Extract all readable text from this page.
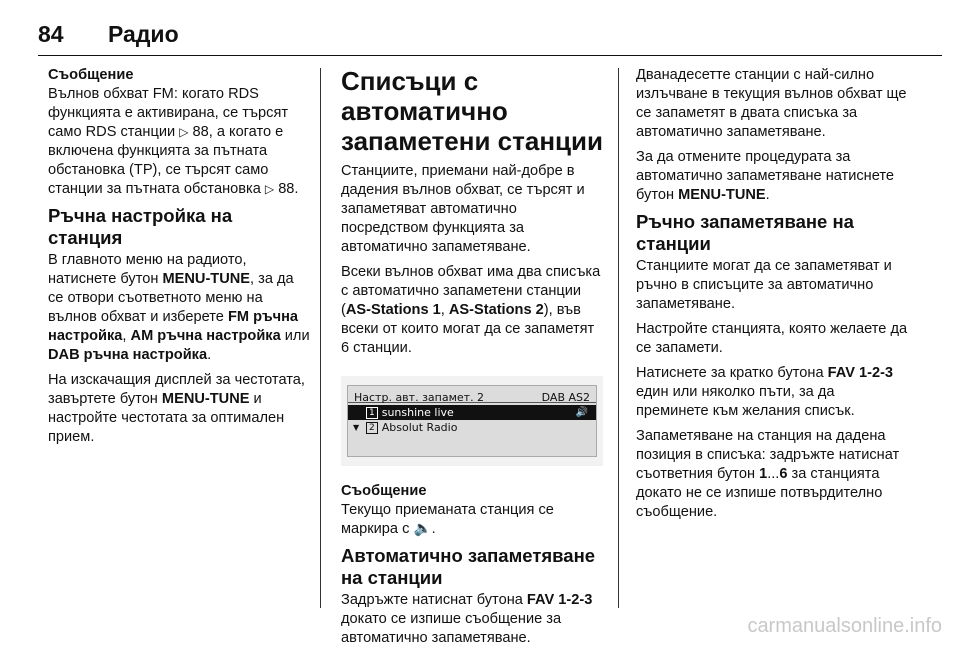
84	Радио
Съобщение

Вълнов обхват FM: когато RDS функцията е активирана, се търсят само RDS станции ▷ 88, а когато е включена функцията за пътната обстановка (TP), се търсят само станции за пътната обстановка ▷ 88.

Ръчна настройка на станция

В главното меню на радиото, натиснете бутон MENU-TUNE, за да се отвори съответното меню на вълнов обхват и изберете FM ръчна настройка, AM ръчна настройка или DAB ръчна настройка.

На изскачащия дисплей за честотата, завъртете бутон MENU-TUNE и настройте честотата за оптимален прием.

Списъци с автоматично запаметени станции

Станциите, приемани най-добре в дадения вълнов обхват, се търсят и запаметяват автоматично посредством функцията за автоматично запаметяване.

Всеки вълнов обхват има два списъка с автоматично запаметени станции (AS-Stations 1, AS-Stations 2), във всеки от които могат да се запаметят 6 станции.

Настр. авт. запамет. 2	DAB AS2
1 sunshine live	🔊
▼	2 Absolut Radio
Съобщение

Текущо приеманата станция се маркира с 🔈.

Автоматично запаметяване на станции

Задръжте натиснат бутона FAV 1-2-3 докато се изпише съобщение за автоматично запаметяване.

Дванадесетте станции с най-силно излъчване в текущия вълнов обхват ще се запаметят в двата списъка за автоматично запаметяване.

За да отмените процедурата за автоматично запаметяване натиснете бутон MENU-TUNE.

Ръчно запаметяване на станции

Станциите могат да се запаметяват и ръчно в списъците за автоматично запаметяване.

Настройте станцията, която желаете да се запамети.

Натиснете за кратко бутона FAV 1-2-3 един или няколко пъти, за да преминете към желания списък.

Запаметяване на станция на дадена позиция в списъка: задръжте натиснат съответния бутон 1...6 за станцията докато не се изпише потвърдително съобщение.

carmanualsonline.info
